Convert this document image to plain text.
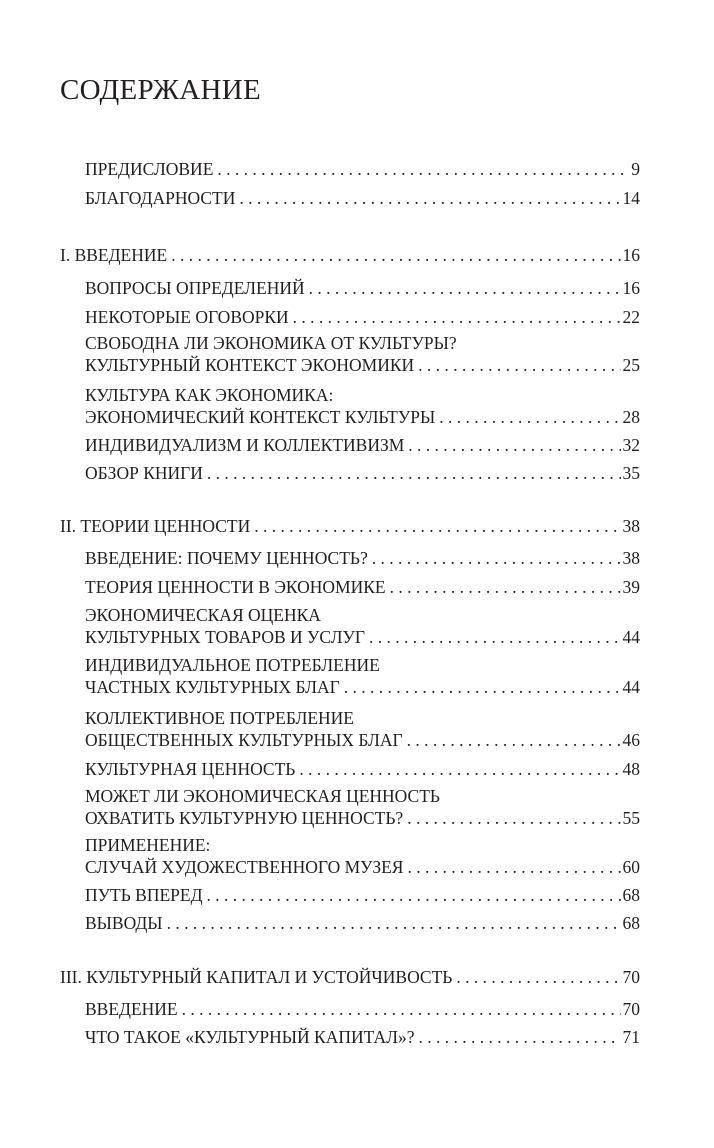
СОДЕРЖАНИЕ
ПРЕДИСЛОВИЕ . . .	9
БЛАГОДАРНОСТИ . . .	14
I. ВВЕДЕНИЕ . . .	16
ВОПРОСЫ ОПРЕДЕЛЕНИЙ . . .	16
НЕКОТОРЫЕ ОГОВОРКИ . . .	22
СВОБОДНА ЛИ ЭКОНОМИКА ОТ КУЛЬТУРЫ?
КУЛЬТУРНЫЙ КОНТЕКСТ ЭКОНОМИКИ . . .	25
КУЛЬТУРА КАК ЭКОНОМИКА:
ЭКОНОМИЧЕСКИЙ КОНТЕКСТ КУЛЬТУРЫ . . .	28
ИНДИВИДУАЛИЗМ И КОЛЛЕКТИВИЗМ . . .	32
ОБЗОР КНИГИ . . .	35
II. ТЕОРИИ ЦЕННОСТИ . . .	38
ВВЕДЕНИЕ: ПОЧЕМУ ЦЕННОСТЬ? . . .	38
ТЕОРИЯ ЦЕННОСТИ В ЭКОНОМИКЕ . . .	39
ЭКОНОМИЧЕСКАЯ ОЦЕНКА
КУЛЬТУРНЫХ ТОВАРОВ И УСЛУГ . . .	44
ИНДИВИДУАЛЬНОЕ ПОТРЕБЛЕНИЕ
ЧАСТНЫХ КУЛЬТУРНЫХ БЛАГ . . .	44
КОЛЛЕКТИВНОЕ ПОТРЕБЛЕНИЕ
ОБЩЕСТВЕННЫХ КУЛЬТУРНЫХ БЛАГ . . .	46
КУЛЬТУРНАЯ ЦЕННОСТЬ . . .	48
МОЖЕТ ЛИ ЭКОНОМИЧЕСКАЯ ЦЕННОСТЬ
ОХВАТИТЬ КУЛЬТУРНУЮ ЦЕННОСТЬ? . . .	55
ПРИМЕНЕНИЕ:
СЛУЧАЙ ХУДОЖЕСТВЕННОГО МУЗЕЯ . . .	60
ПУТЬ ВПЕРЕД . . .	68
ВЫВОДЫ . . .	68
III. КУЛЬТУРНЫЙ КАПИТАЛ И УСТОЙЧИВОСТЬ . . .	70
ВВЕДЕНИЕ . . .	70
ЧТО ТАКОЕ «КУЛЬТУРНЫЙ КАПИТАЛ»? . . .	71
